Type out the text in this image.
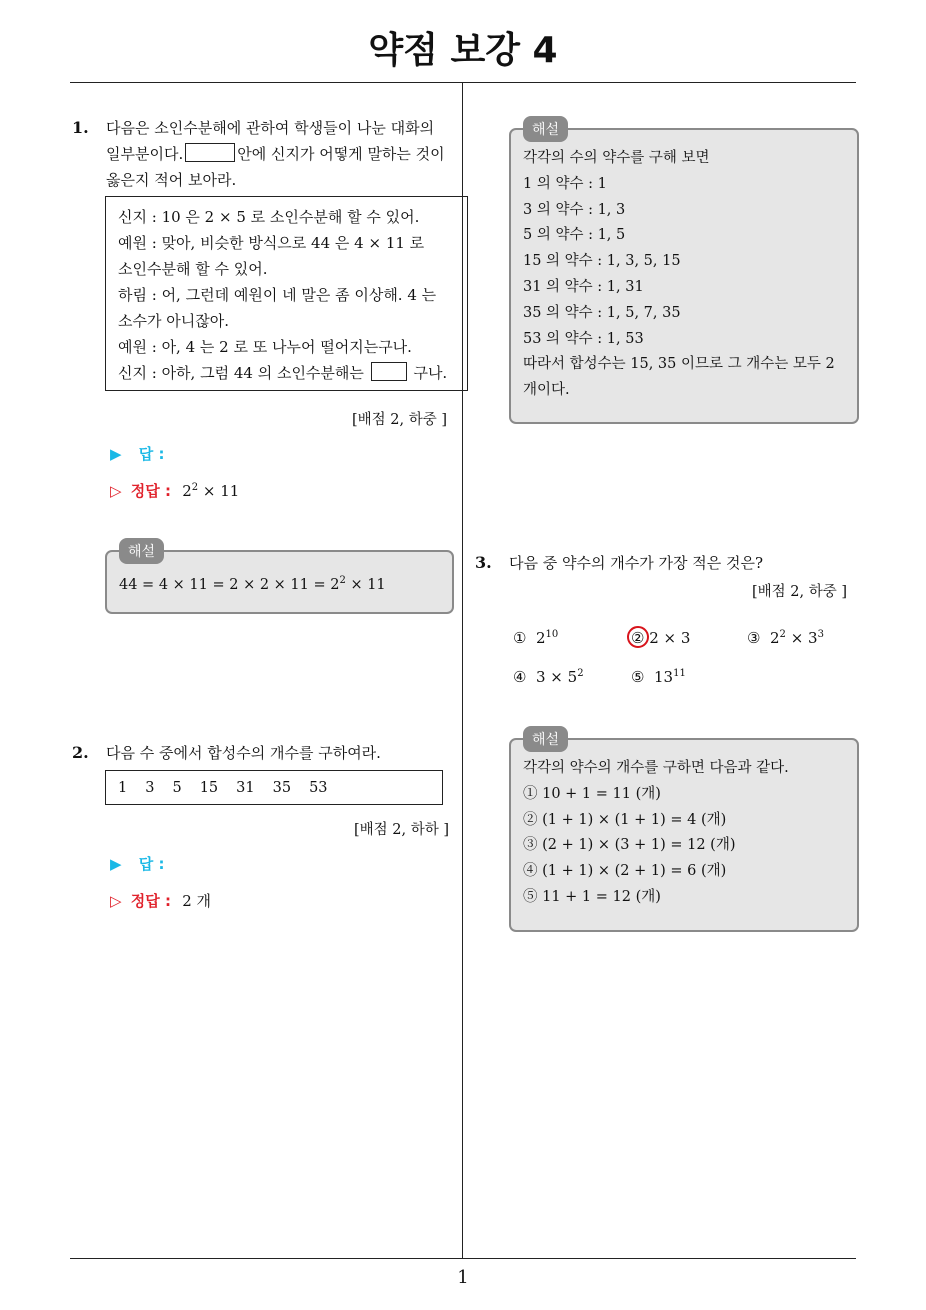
약점 보강 4
1. 다음은 소인수분해에 관하여 학생들이 나눈 대화의
일부분이다.	안에 신지가 어떻게 말하는 것이
옳은지 적어 보아라.
신지 : 10 은 2 × 5 로 소인수분해 할 수 있어.
예원 : 맞아, 비슷한 방식으로 44 은 4 × 11 로
소인수분해 할 수 있어.
하림 : 어, 그런데 예원이 네 말은 좀 이상해. 4 는
소수가 아니잖아.
예원 : 아, 4 는 2 로 또 나누어 떨어지는구나.
신지 : 아하, 그럼 44 의 소인수분해는	구나.
[배점 2, 하중 ]
▶ 답 :
▷ 정답 : $2^2 \times 11$
해설
$44 = 4 \times 11 = 2 \times 2 \times 11 = 2^2 \times 11$
2. 다음 수 중에서 합성수의 개수를 구하여라.
1 3 5 15 31 35 53
[배점 2, 하하 ]
▶ 답 :
▷ 정답 : 2 개
해설
각각의 수의 약수를 구해 보면
1 의 약수 : 1
3 의 약수 : 1, 3
5 의 약수 : 1, 5
15 의 약수 : 1, 3, 5, 15
31 의 약수 : 1, 31
35 의 약수 : 1, 5, 7, 35
53 의 약수 : 1, 53
따라서 합성수는 15, 35 이므로 그 개수는 모두 2
개이다.
3. 다음 중 약수의 개수가 가장 적은 것은?
[배점 2, 하중 ]
① $2^{10}$	② 2 × 3	③ $2^2 \times 3^3$
④ $3 \times 5^2$	⑤ $13^{11}$
해설
각각의 약수의 개수를 구하면 다음과 같다.
① 10 + 1 = 11 (개)
② (1 + 1) × (1 + 1) = 4 (개)
③ (2 + 1) × (3 + 1) = 12 (개)
④ (1 + 1) × (2 + 1) = 6 (개)
⑤ 11 + 1 = 12 (개)
1
